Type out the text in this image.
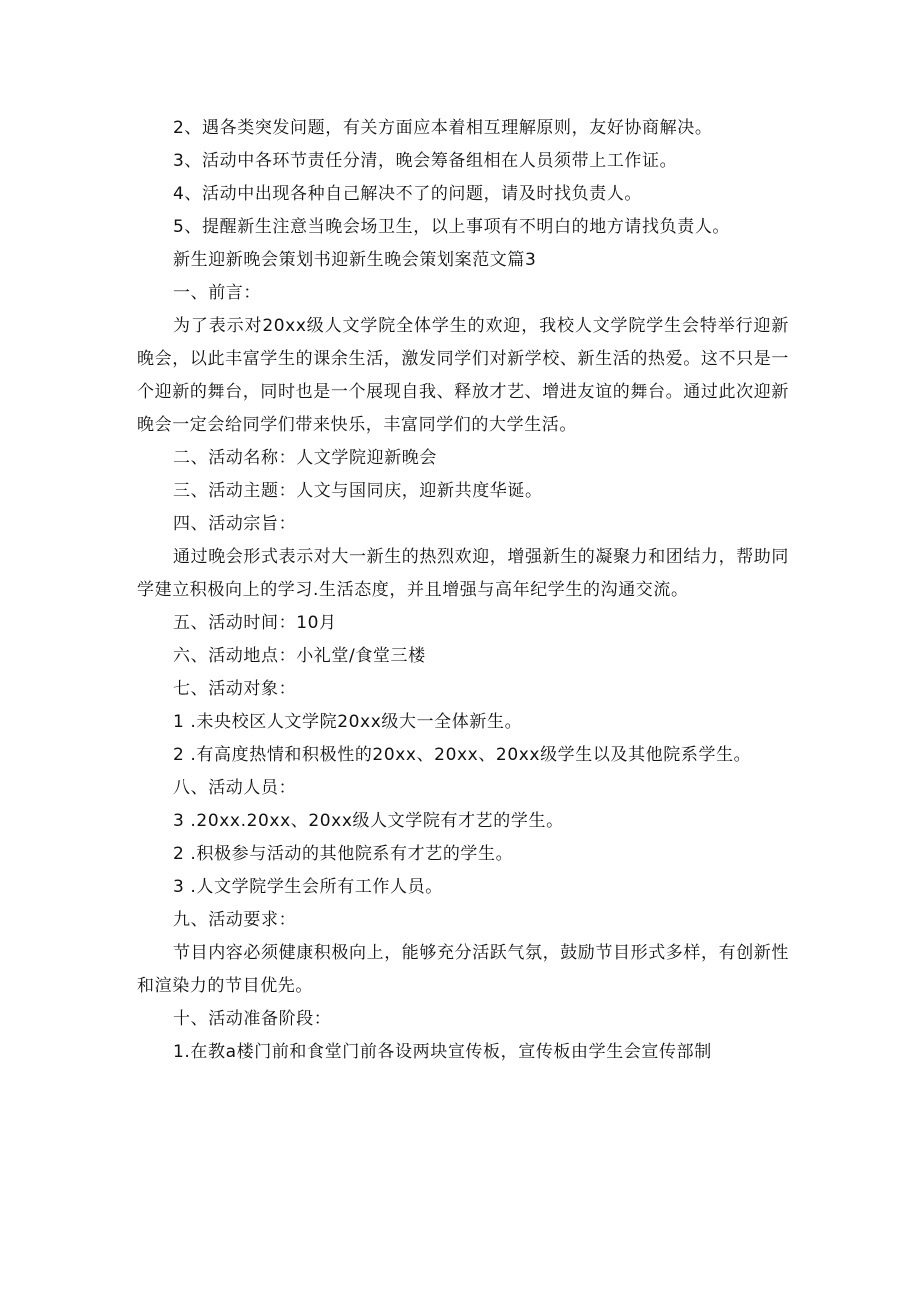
2、遇各类突发问题，有关方面应本着相互理解原则，友好协商解决。

3、活动中各环节责任分清，晚会筹备组相在人员须带上工作证。

4、活动中出现各种自己解决不了的问题，请及时找负责人。

5、提醒新生注意当晚会场卫生，以上事项有不明白的地方请找负责人。

新生迎新晚会策划书迎新生晚会策划案范文篇3

一、前言：

为了表示对20xx级人文学院全体学生的欢迎，我校人文学院学生会特举行迎新晚会，以此丰富学生的课余生活，激发同学们对新学校、新生活的热爱。这不只是一个迎新的舞台，同时也是一个展现自我、释放才艺、增进友谊的舞台。通过此次迎新晚会一定会给同学们带来快乐，丰富同学们的大学生活。

二、活动名称：人文学院迎新晚会

三、活动主题：人文与国同庆，迎新共度华诞。

四、活动宗旨：

通过晚会形式表示对大一新生的热烈欢迎，增强新生的凝聚力和团结力，帮助同学建立积极向上的学习.生活态度，并且增强与高年纪学生的沟通交流。

五、活动时间：10月

六、活动地点：小礼堂/食堂三楼

七、活动对象：

1 .未央校区人文学院20xx级大一全体新生。

2 .有高度热情和积极性的20xx、20xx、20xx级学生以及其他院系学生。

八、活动人员：

3 .20xx.20xx、20xx级人文学院有才艺的学生。

2 .积极参与活动的其他院系有才艺的学生。

3 .人文学院学生会所有工作人员。

九、活动要求：

节目内容必须健康积极向上，能够充分活跃气氛，鼓励节目形式多样，有创新性和渲染力的节目优先。

十、活动准备阶段：

1.在教a楼门前和食堂门前各设两块宣传板，宣传板由学生会宣传部制
